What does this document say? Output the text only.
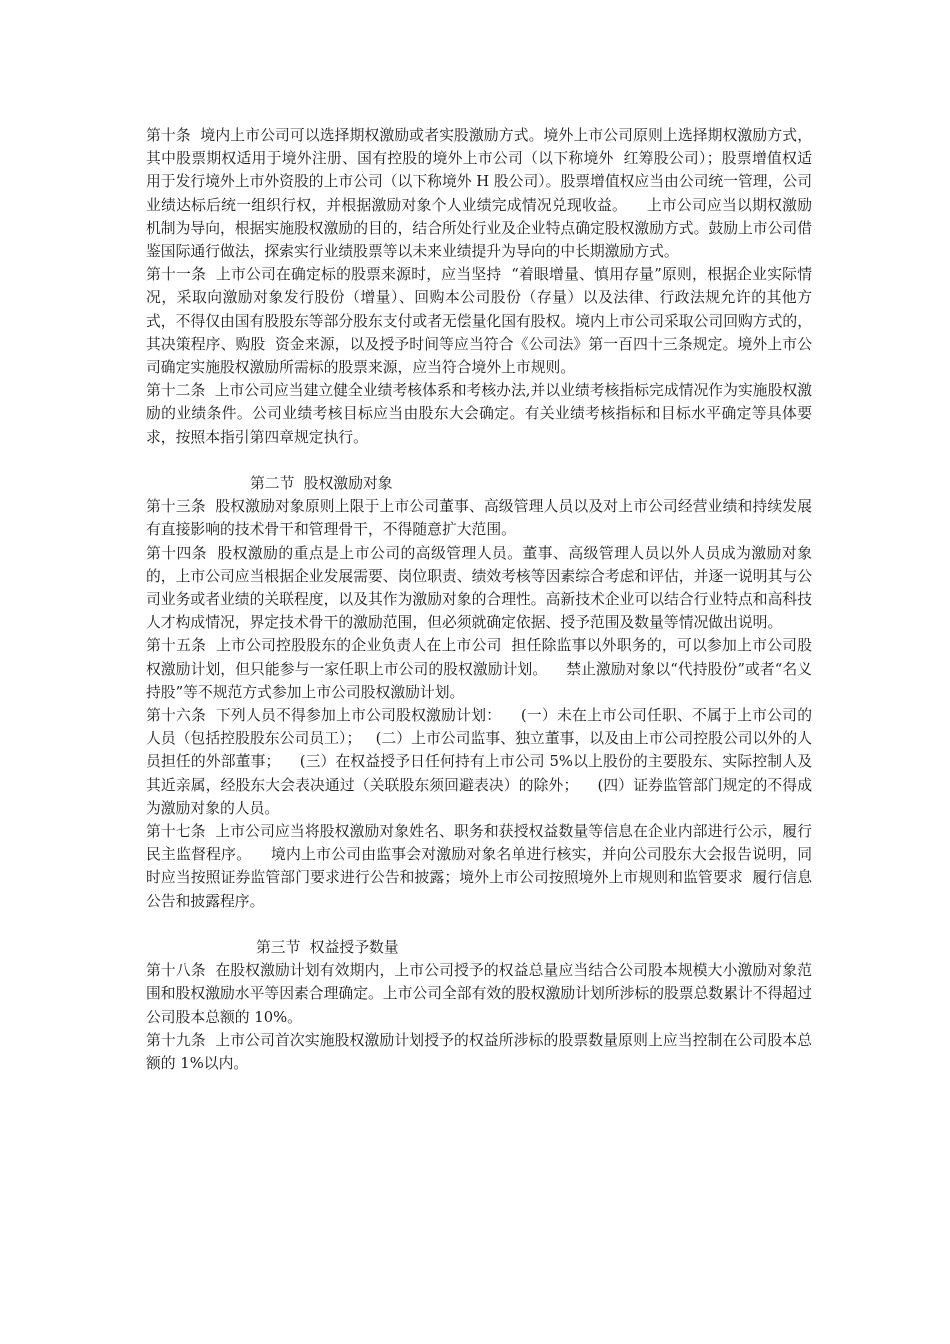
第十条  境内上市公司可以选择期权激励或者实股激励方式。境外上市公司原则上选择期权激励方式，其中股票期权适用于境外注册、国有控股的境外上市公司（以下称境外  红筹股公司）；股票增值权适用于发行境外上市外资股的上市公司（以下称境外 H 股公司）。股票增值权应当由公司统一管理，公司业绩达标后统一组织行权，并根据激励对象个人业绩完成情况兑现收益。    上市公司应当以期权激励机制为导向，根据实施股权激励的目的，结合所处行业及企业特点确定股权激励方式。鼓励上市公司借鉴国际通行做法，探索实行业绩股票等以未来业绩提升为导向的中长期激励方式。

第十一条  上市公司在确定标的股票来源时，应当坚持  “着眼增量、慎用存量”原则，根据企业实际情况，采取向激励对象发行股份（增量）、回购本公司股份（存量）以及法律、行政法规允许的其他方式，不得仅由国有股股东等部分股东支付或者无偿量化国有股权。境内上市公司采取公司回购方式的，其决策程序、购股  资金来源，以及授予时间等应当符合《公司法》第一百四十三条规定。境外上市公司确定实施股权激励所需标的股票来源，应当符合境外上市规则。

第十二条  上市公司应当建立健全业绩考核体系和考核办法,并以业绩考核指标完成情况作为实施股权激励的业绩条件。公司业绩考核目标应当由股东大会确定。有关业绩考核指标和目标水平确定等具体要求，按照本指引第四章规定执行。

第二节  股权激励对象

第十三条  股权激励对象原则上限于上市公司董事、高级管理人员以及对上市公司经营业绩和持续发展有直接影响的技术骨干和管理骨干，不得随意扩大范围。

第十四条  股权激励的重点是上市公司的高级管理人员。董事、高级管理人员以外人员成为激励对象的，上市公司应当根据企业发展需要、岗位职责、绩效考核等因素综合考虑和评估，并逐一说明其与公司业务或者业绩的关联程度，以及其作为激励对象的合理性。高新技术企业可以结合行业特点和高科技人才构成情况，界定技术骨干的激励范围，但必须就确定依据、授予范围及数量等情况做出说明。

第十五条  上市公司控股股东的企业负责人在上市公司  担任除监事以外职务的，可以参加上市公司股权激励计划，但只能参与一家任职上市公司的股权激励计划。    禁止激励对象以“代持股份”或者“名义持股”等不规范方式参加上市公司股权激励计划。

第十六条  下列人员不得参加上市公司股权激励计划：    (一）未在上市公司任职、不属于上市公司的人员（包括控股股东公司员工）；   (二）上市公司监事、独立董事，以及由上市公司控股公司以外的人员担任的外部董事；    (三）在权益授予日任何持有上市公司 5%以上股份的主要股东、实际控制人及其近亲属，经股东大会表决通过（关联股东须回避表决）的除外；    (四）证券监管部门规定的不得成为激励对象的人员。

第十七条  上市公司应当将股权激励对象姓名、职务和获授权益数量等信息在企业内部进行公示，履行民主监督程序。    境内上市公司由监事会对激励对象名单进行核实，并向公司股东大会报告说明，同时应当按照证券监管部门要求进行公告和披露；境外上市公司按照境外上市规则和监管要求  履行信息公告和披露程序。

第三节  权益授予数量

第十八条  在股权激励计划有效期内，上市公司授予的权益总量应当结合公司股本规模大小激励对象范围和股权激励水平等因素合理确定。上市公司全部有效的股权激励计划所涉标的股票总数累计不得超过公司股本总额的 10%。

第十九条  上市公司首次实施股权激励计划授予的权益所涉标的股票数量原则上应当控制在公司股本总额的 1%以内。
